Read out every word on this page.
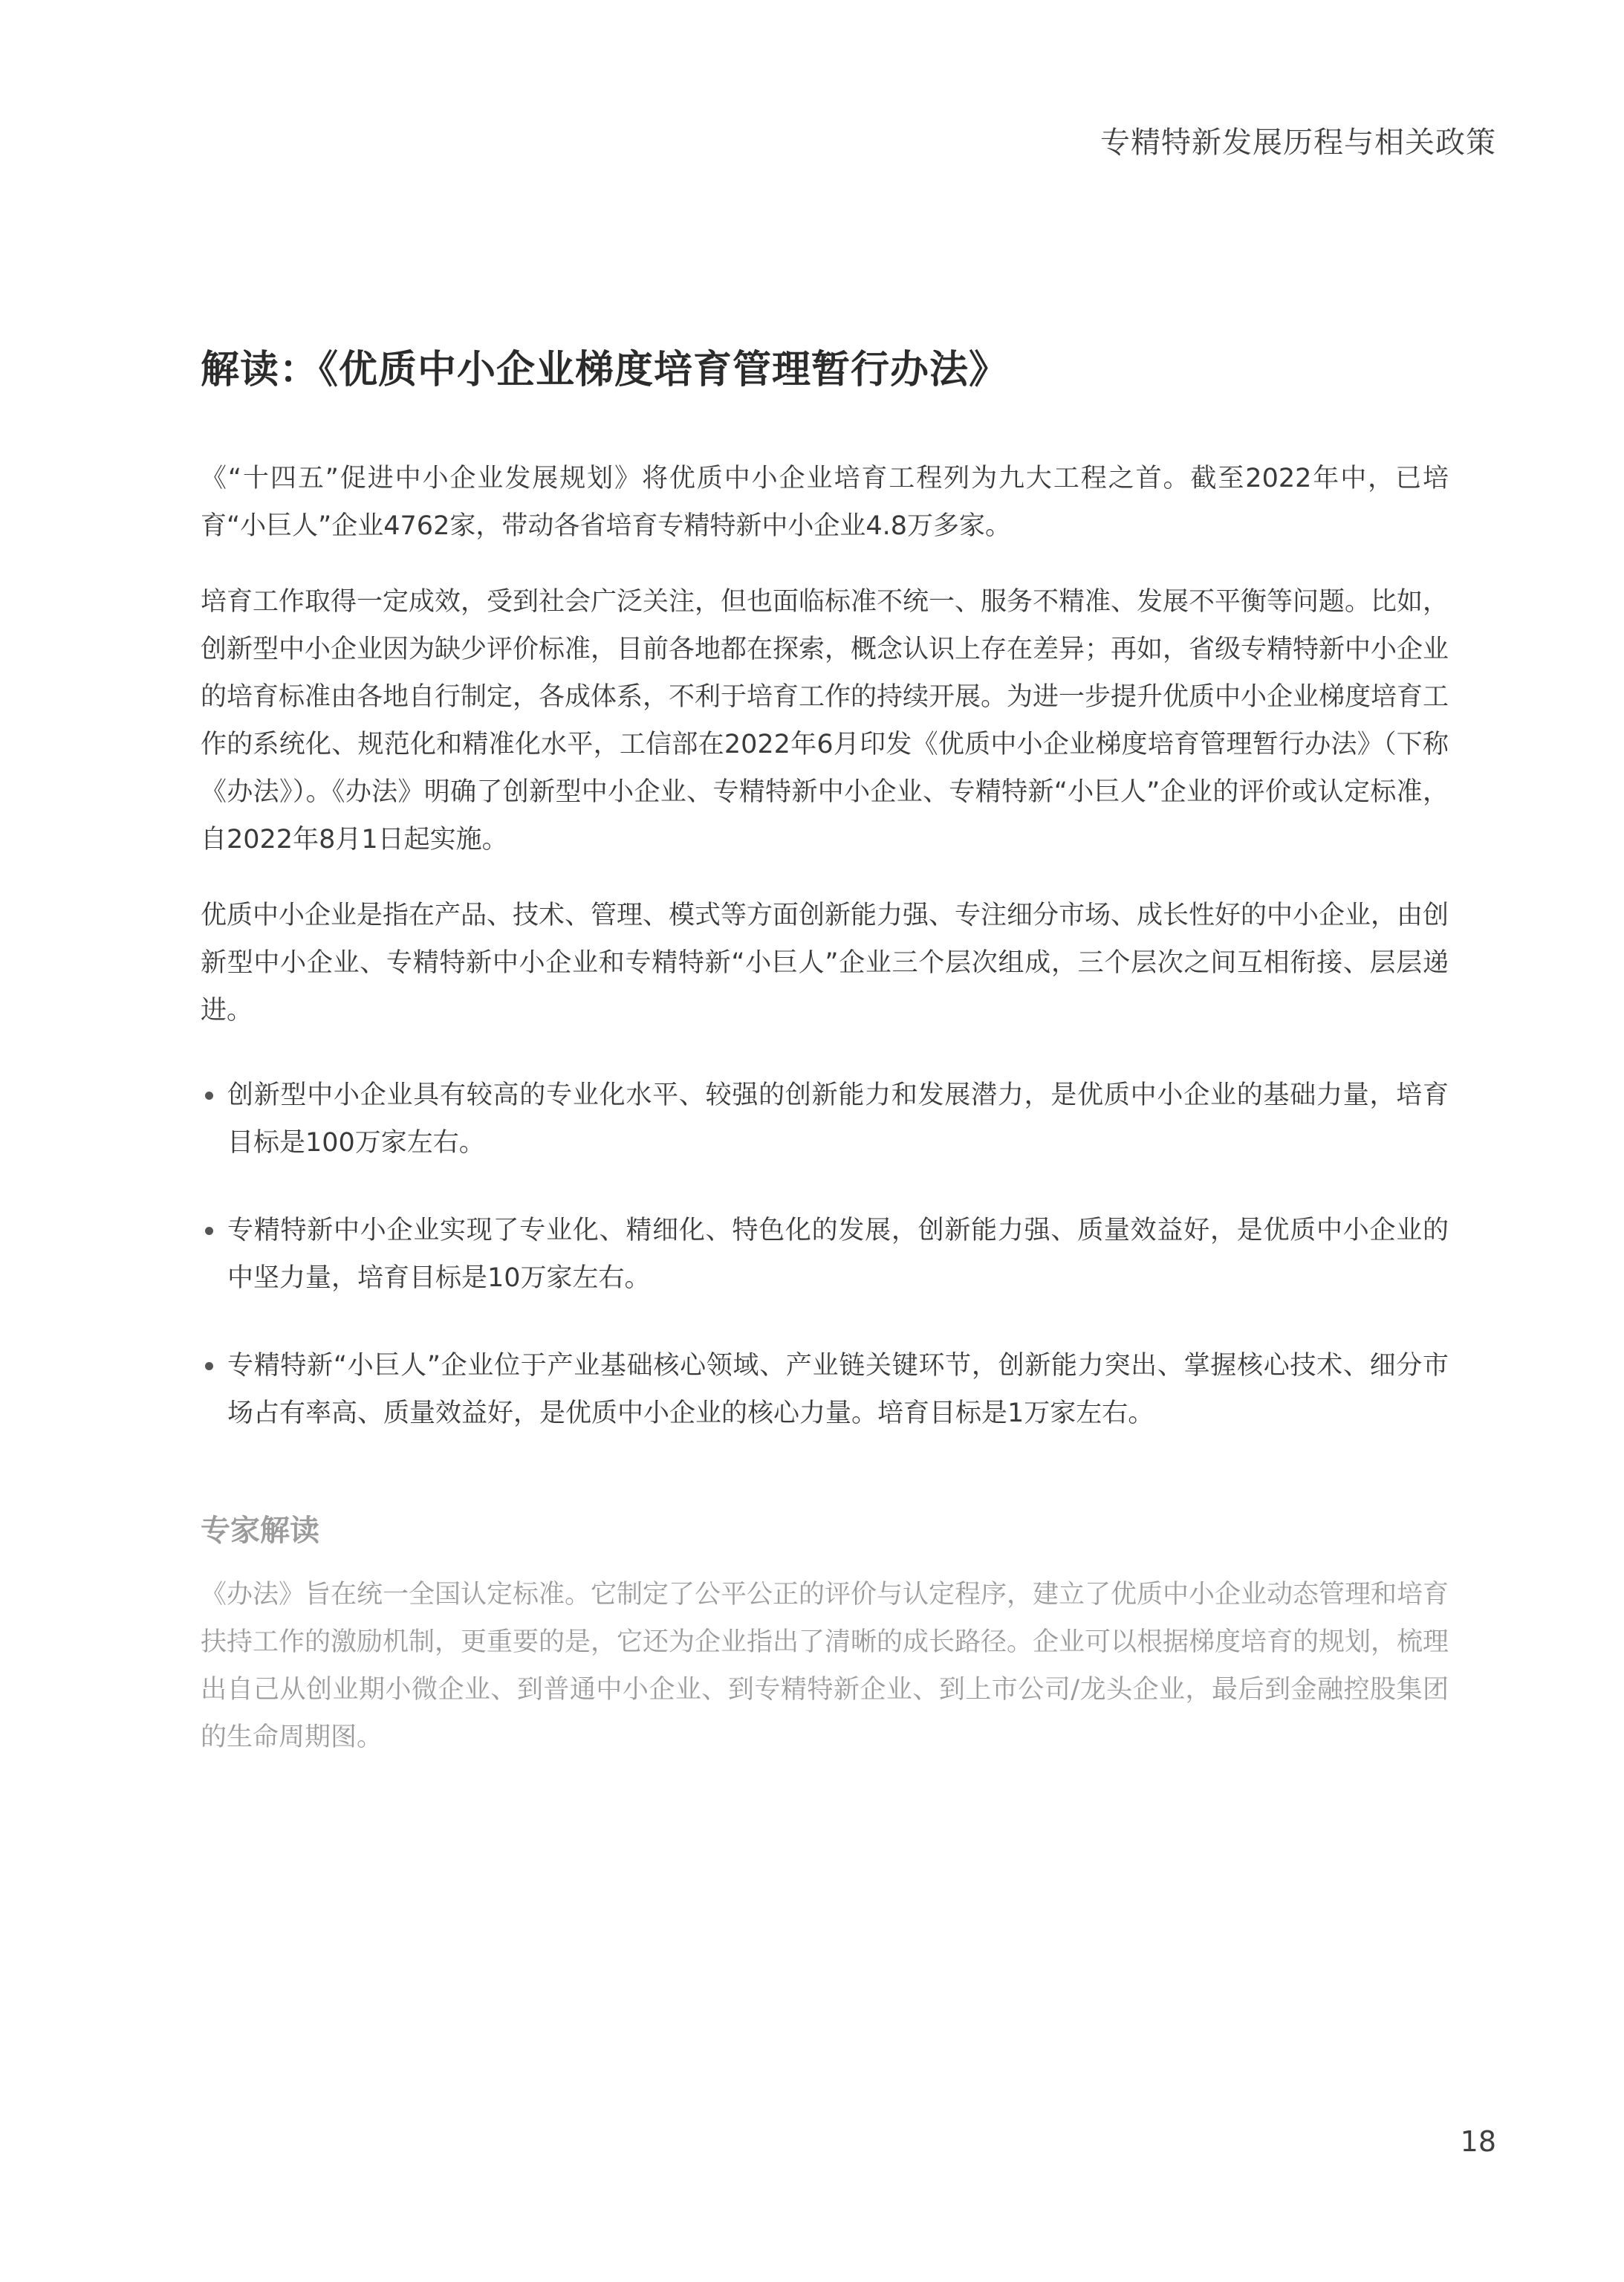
专精特新发展历程与相关政策
解读：《优质中小企业梯度培育管理暂行办法》

《“十四五”促进中小企业发展规划》将优质中小企业培育工程列为九大工程之首。截至2022年中，已培育“小巨人”企业4762家，带动各省培育专精特新中小企业4.8万多家。

培育工作取得一定成效，受到社会广泛关注，但也面临标准不统一、服务不精准、发展不平衡等问题。比如，创新型中小企业因为缺少评价标准，目前各地都在探索，概念认识上存在差异；再如，省级专精特新中小企业的培育标准由各地自行制定，各成体系，不利于培育工作的持续开展。为进一步提升优质中小企业梯度培育工作的系统化、规范化和精准化水平，工信部在2022年6月印发《优质中小企业梯度培育管理暂行办法》（下称《办法》）。《办法》明确了创新型中小企业、专精特新中小企业、专精特新“小巨人”企业的评价或认定标准，自2022年8月1日起实施。

优质中小企业是指在产品、技术、管理、模式等方面创新能力强、专注细分市场、成长性好的中小企业，由创新型中小企业、专精特新中小企业和专精特新“小巨人”企业三个层次组成，三个层次之间互相衔接、层层递进。

创新型中小企业具有较高的专业化水平、较强的创新能力和发展潜力，是优质中小企业的基础力量，培育目标是100万家左右。
专精特新中小企业实现了专业化、精细化、特色化的发展，创新能力强、质量效益好，是优质中小企业的中坚力量，培育目标是10万家左右。
专精特新“小巨人”企业位于产业基础核心领域、产业链关键环节，创新能力突出、掌握核心技术、细分市场占有率高、质量效益好，是优质中小企业的核心力量。培育目标是1万家左右。
专家解读

《办法》旨在统一全国认定标准。它制定了公平公正的评价与认定程序，建立了优质中小企业动态管理和培育扶持工作的激励机制，更重要的是，它还为企业指出了清晰的成长路径。企业可以根据梯度培育的规划，梳理出自己从创业期小微企业、到普通中小企业、到专精特新企业、到上市公司/龙头企业，最后到金融控股集团的生命周期图。

18
